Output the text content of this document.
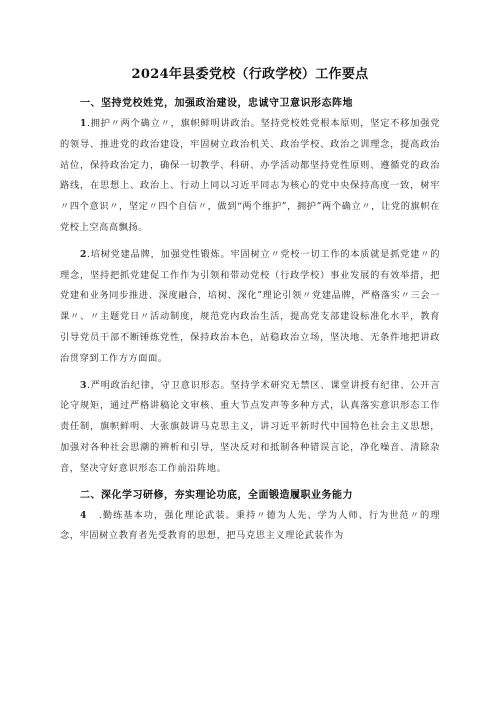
2024年县委党校（行政学校）工作要点

一、坚持党校姓党，加强政治建设，忠诚守卫意识形态阵地

1.拥护〃两个确立〃，旗帜鲜明讲政治。坚持党校姓党根本原则，坚定不移加强党的领导、推进党的政治建设，牢固树立政治机关、政治学校、政治之训理念，提高政治站位，保持政治定力，确保一切教学、科研、办学活动都坚持党性原则、遵循党的政治路线，在思想上、政治上、行动上同以习近平同志为核心的党中央保持高度一致，树牢〃四个意识〃，坚定〃四个自信〃，做到“两个维护”，拥护”两个确立〃，让党的旗帜在党校上空高高飘扬。

2.培树党建品牌，加强党性锻炼。牢固树立〃党校一切工作的本质就是抓党建〃的理念，坚持把抓党建促工作作为引领和带动党校（行政学校）事业发展的有效举措，把党建和业务同步推进、深度融合，培树、深化”理论引领〃党建品牌，严格落实〃三会一课〃、〃主题党日〃活动制度，规范党内政治生活，提高党支部建设标准化水平，教育引导党员干部不断锤炼党性，保持政治本色，站稳政治立场，坚决地、无条件地把讲政治贯穿到工作方方面面。

3.严明政治纪律，守卫意识形态。坚持学术研究无禁区、课堂讲授有纪律、公开言论守规矩，通过严格讲稿论文审核、重大节点发声等多种方式，认真落实意识形态工作责任制，旗帜鲜明、大张旗鼓讲马克思主义，讲习近平新时代中国特色社会主义思想，加强对各种社会思潮的辨析和引导，坚决反对和抵制各种错误言论，净化噪音、清除杂音，坚决守好意识形态工作前沿阵地。

二、深化学习研修，夯实理论功底，全面锻造履职业务能力

4   .勤练基本功，强化理论武装。秉持〃德为人先、学为人师、行为世范〃的理念，牢固树立教育者先受教育的思想，把马克思主义理论武装作为
